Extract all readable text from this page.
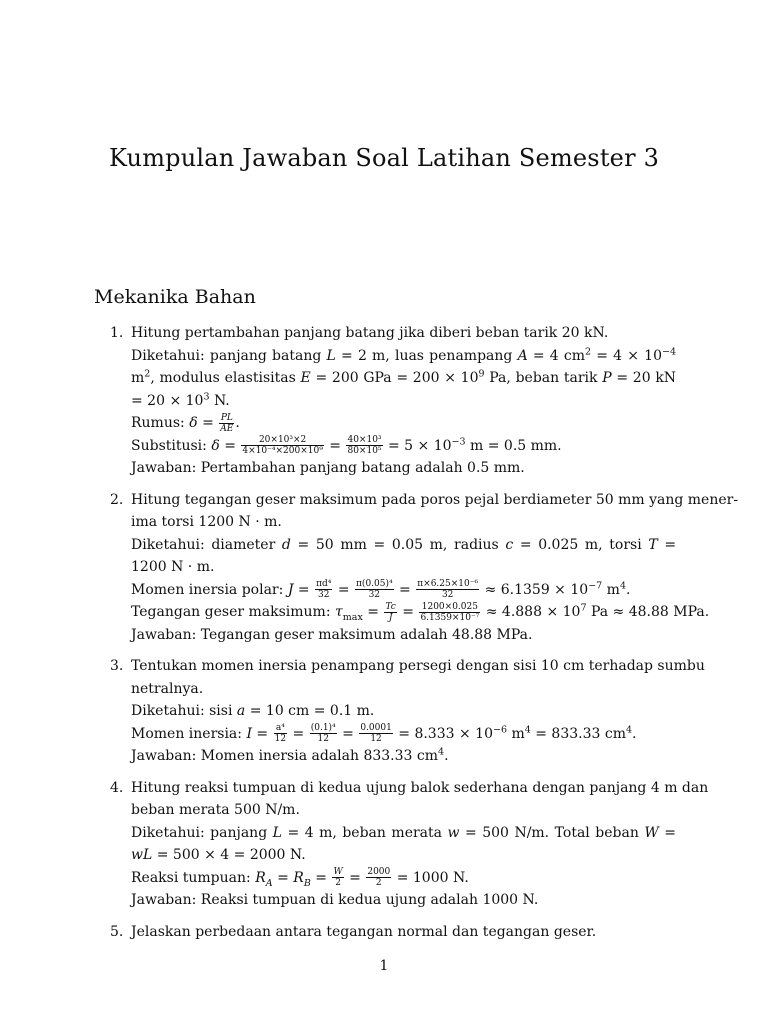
Kumpulan Jawaban Soal Latihan Semester 3
Mekanika Bahan
1. Hitung pertambahan panjang batang jika diberi beban tarik 20 kN.
Diketahui: panjang batang L = 2 m, luas penampang A = 4 $cm^2 = 4 \times 10^{-4}$ $m^2$, modulus elastisitas E = 200 GPa = $200 \times 10^9$ Pa, beban tarik P = 20 kN = $20 \times 10^3$ N.
Rumus: $\delta = \frac{PL}{AE}$ .
Substitusi: $\delta = \frac{\text{20×10³×2}}{\text{4×10⁻⁴×200×10⁹}} = \frac{\text{40×10³}}{\text{80×10⁵}} = 5 \times 10^{-3}$ m = 0.5 mm.
Jawaban: Pertambahan panjang batang adalah 0.5 mm.
2. Hitung tegangan geser maksimum pada poros pejal berdiameter 50 mm yang mener-
ima torsi 1200 N · m.
Diketahui: diameter d = 50 mm = 0.05 m, radius c = 0.025 m, torsi T = 1200 N · m.
Momen inersia polar: $J = \frac{\text{πd⁴}}{32} = \frac{\text{π(0.05)⁴}}{32} = \frac{\text{π×6.25×10⁻⁶}}{32} \approx 6.1359 \times 10^{-7}$ $m^4$.
Tegangan geser maksimum: $\tau_{max} = \frac{Tc}{J} = \frac{1200\times 0.025}{\text{6.1359×10⁻⁷}} \approx 4.888 \times 10^7$ Pa ≈ 48.88 MPa.
Jawaban: Tegangan geser maksimum adalah 48.88 MPa.
3. Tentukan momen inersia penampang persegi dengan sisi 10 cm terhadap sumbu
netralnya.
Diketahui: sisi a = 10 cm = 0.1 m.
Momen inersia: $I = \frac{\text{a⁴}}{12} = \frac{\text{(0.1)⁴}}{12} = \frac{0.0001}{12} = 8.333 \times 10^{-6}$ $m^4 = 833.33$ $cm^4$.
Jawaban: Momen inersia adalah 833.33 $cm^4$.
4. Hitung reaksi tumpuan di kedua ujung balok sederhana dengan panjang 4 m dan
beban merata 500 N/m.
Diketahui: panjang L = 4 m, beban merata w = 500 N/m. Total beban W = wL = 500 × 4 = 2000 N.
Reaksi tumpuan: $R_A = R_B = \frac{W}{2} = \frac{2000}{2} = 1000$ N.
Jawaban: Reaksi tumpuan di kedua ujung adalah 1000 N.
5. Jelaskan perbedaan antara tegangan normal dan tegangan geser.
1
